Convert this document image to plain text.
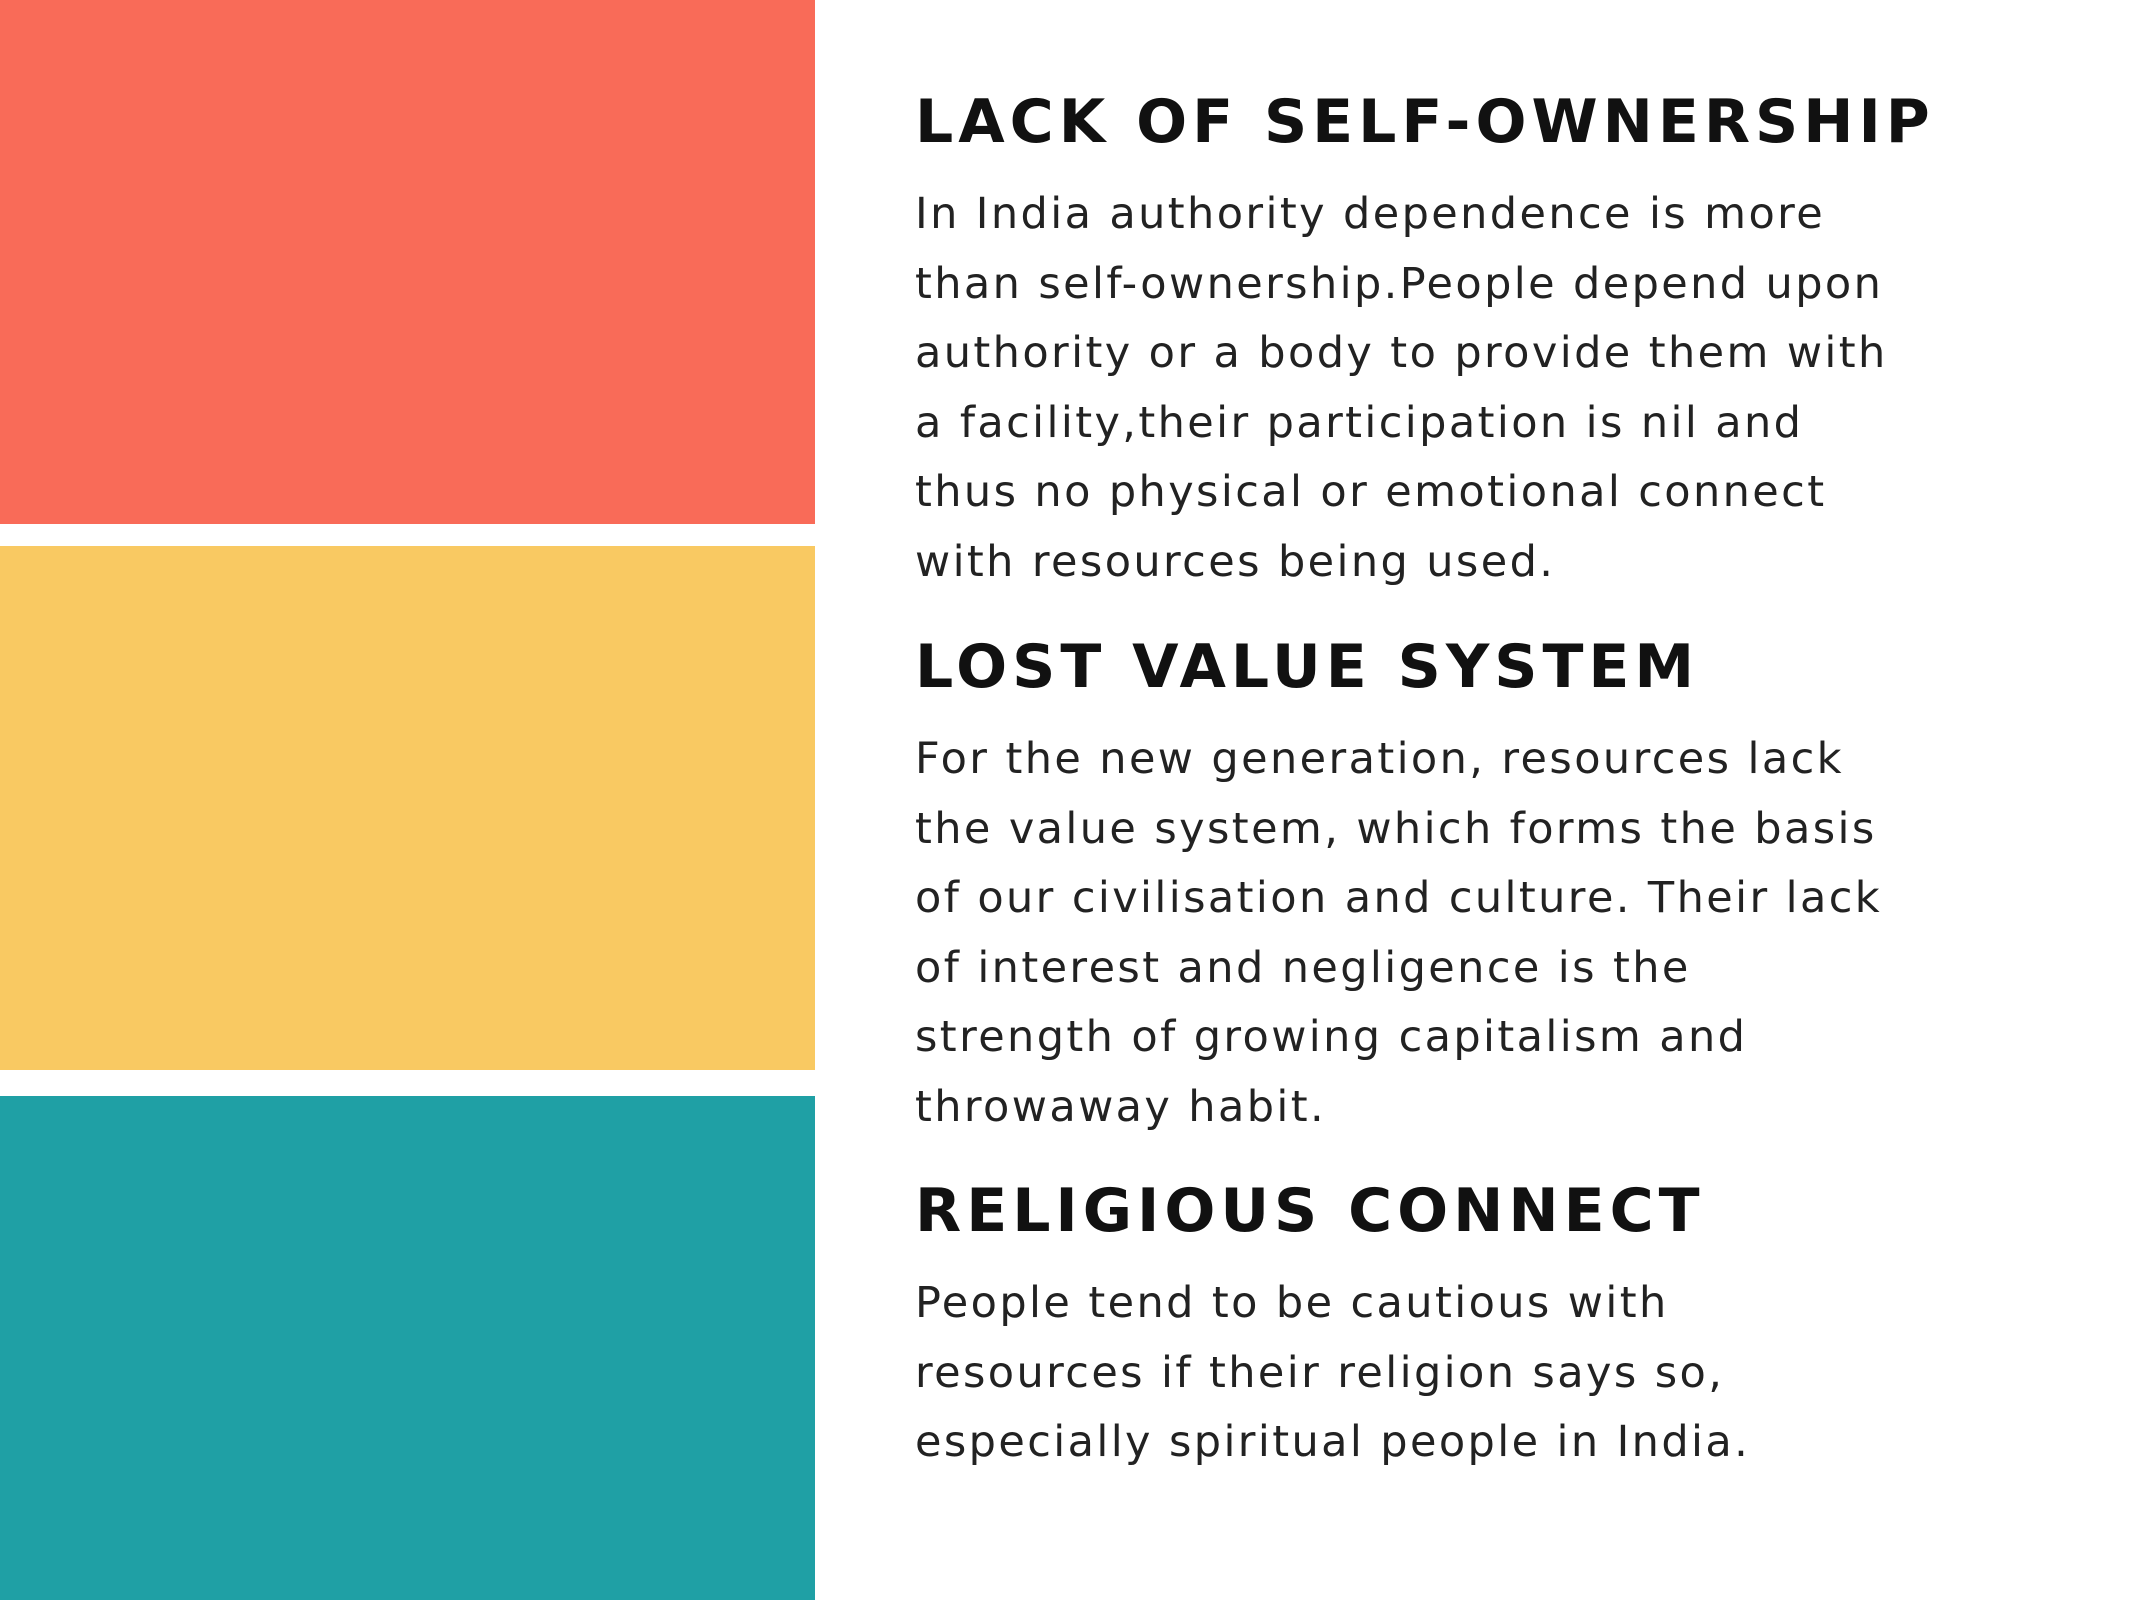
04
05
06
LACK OF SELF-OWNERSHIP
In India authority dependence is more
than self-ownership.People depend upon
authority or a body to provide them with
a facility,their participation is nil and
thus no physical or emotional connect
with resources being used.
LOST VALUE SYSTEM
For the new generation, resources lack
the value system, which forms the basis
of our civilisation and culture. Their lack
of interest and negligence is the
strength of growing capitalism and
throwaway habit.
RELIGIOUS CONNECT
People tend to be cautious with
resources if their religion says so,
especially spiritual people in India.
